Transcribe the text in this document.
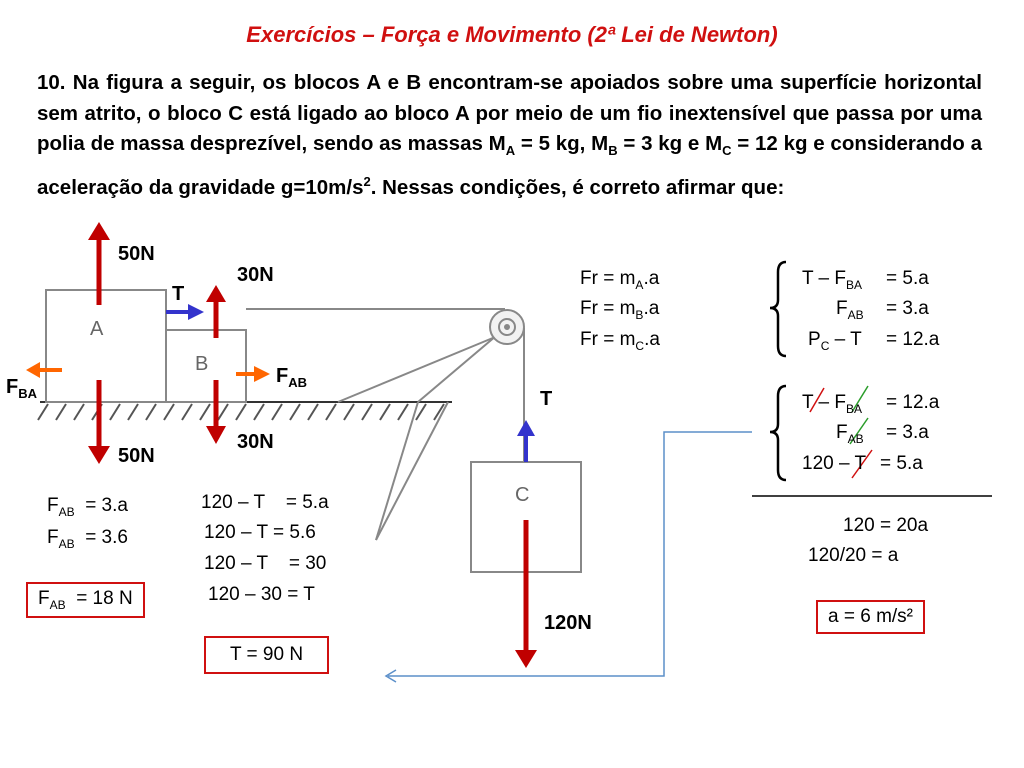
Exercícios – Força e Movimento (2ª Lei de Newton)
10. Na figura a seguir, os blocos A e B encontram-se apoiados sobre uma superfície horizontal sem atrito, o bloco C está ligado ao bloco A por meio de um fio inextensível que passa por uma polia de massa desprezível, sendo as massas $M_A = 5$ kg, $M_B = 3$ kg e $M_C = 12$ kg e considerando a aceleração da gravidade $g=10m/s^2$. Nessas condições, é correto afirmar que:
A
B
C
50N
50N
30N
30N
T
T
$F_{AB}$
$F_{BA}$
120N
$Fr = m_A.a$
$Fr = m_B.a$
$Fr = m_C.a$
$T - F_{BA} = 5.a$
$F_{AB} = 3.a$
$P_C - T = 12.a$
$T - F_{BA} = 12.a$
$F_{AB} = 3.a$
120 – T = 5.a
120 = 20a
120/20 = a
a = 6 m/s²
$F_{AB} = 3.a$
$F_{AB} = 3.6$
$F_{AB} = 18$ N
120 – T    = 5.a
120 – T = 5.6
120 – T    = 30
120 – 30 = T
T = 90 N
